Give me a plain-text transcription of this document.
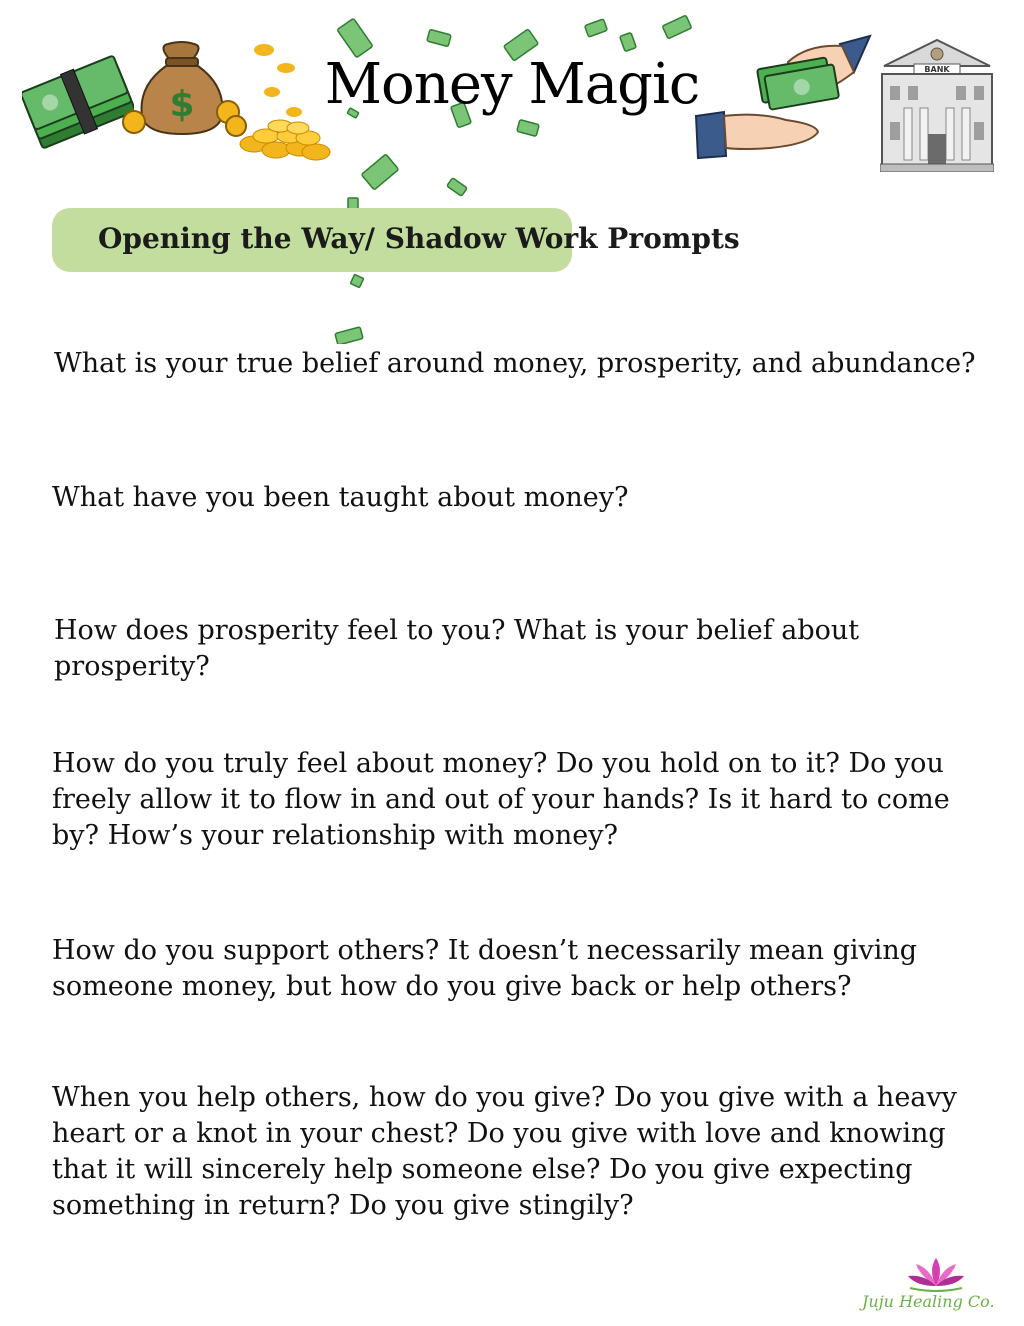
$
BANK
Money Magic
Opening the Way/ Shadow Work Prompts

What is your true belief around money, prosperity, and abundance?

What have you been taught about money?

How does prosperity feel to you? What is your belief about prosperity?

How do you truly feel about money? Do you hold on to it? Do you freely allow it to flow in and out of your hands? Is it hard to come by? How’s your relationship with money?

How do you support others? It doesn’t necessarily mean giving someone money, but how do you give back or help others?

When you help others, how do you give? Do you give with a heavy heart or a knot in your chest? Do you give with love and knowing that it will sincerely help someone else? Do you give expecting something in return? Do you give stingily?

Juju Healing Co.
